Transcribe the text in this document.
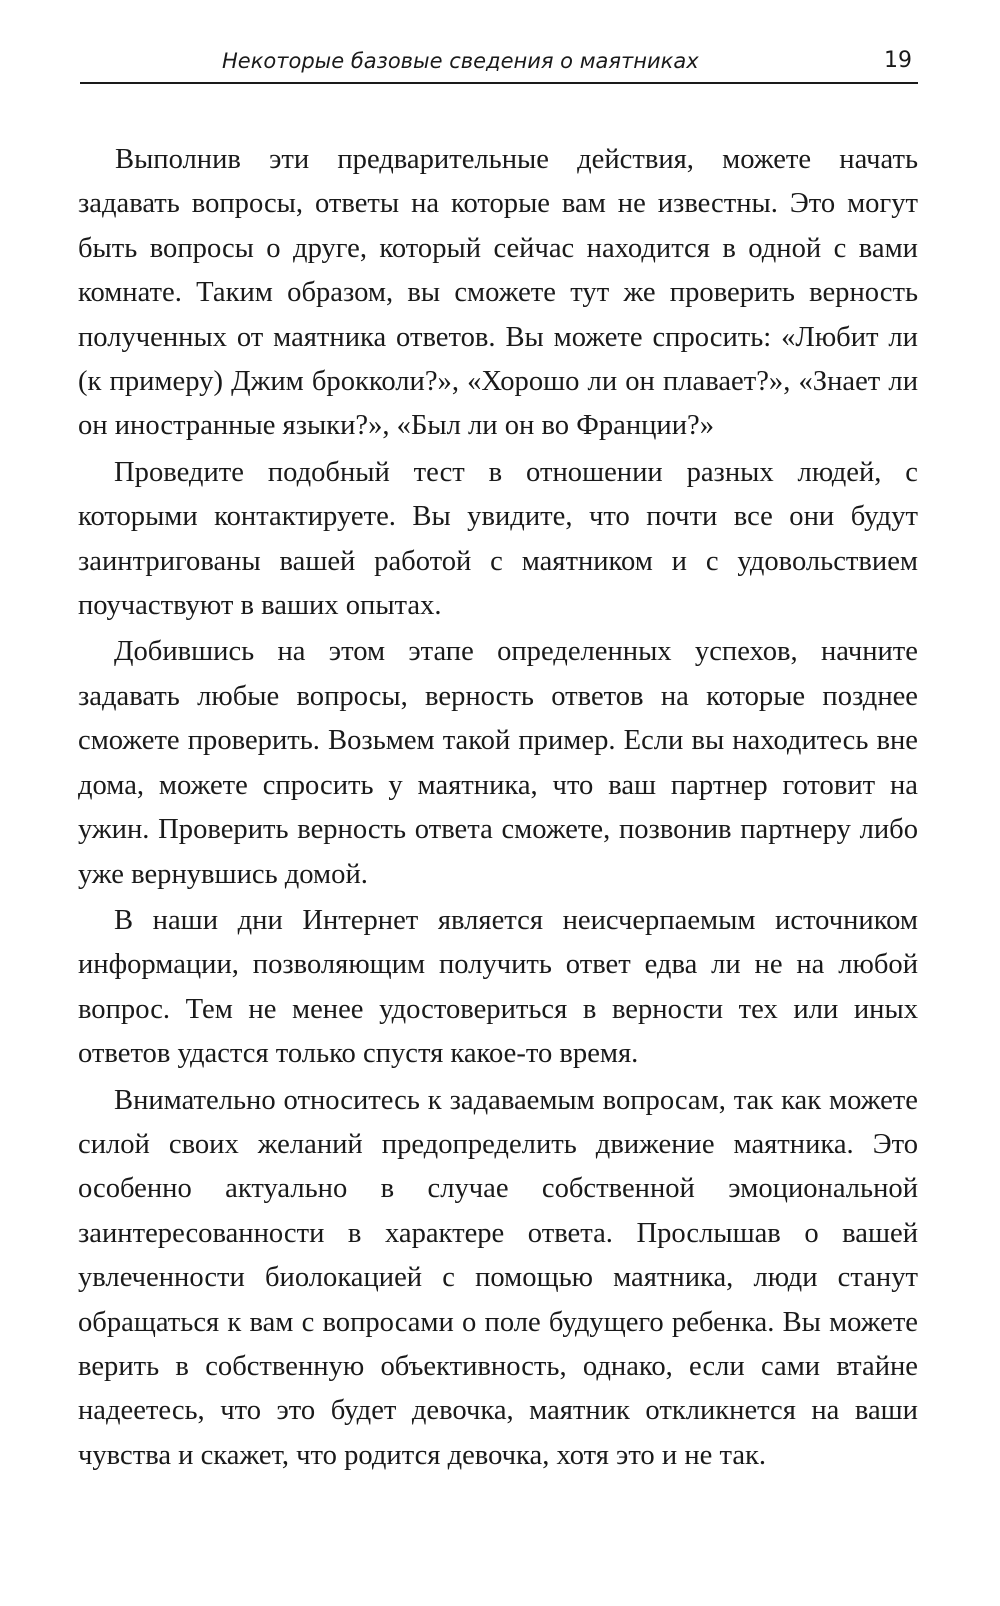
Некоторые базовые сведения о маятниках	19

Выполнив эти предварительные действия, можете начать задавать вопросы, ответы на которые вам не известны. Это могут быть вопросы о друге, который сейчас находится в одной с вами комнате. Таким образом, вы сможете тут же проверить верность полученных от маятника ответов. Вы можете спросить: «Любит ли (к примеру) Джим брокколи?», «Хорошо ли он плавает?», «Знает ли он иностранные языки?», «Был ли он во Франции?»

Проведите подобный тест в отношении разных людей, с которыми контактируете. Вы увидите, что почти все они будут заинтригованы вашей работой с маятником и с удовольствием поучаствуют в ваших опытах.

Добившись на этом этапе определенных успехов, начните задавать любые вопросы, верность ответов на которые позднее сможете проверить. Возьмем такой пример. Если вы находитесь вне дома, можете спросить у маятника, что ваш партнер готовит на ужин. Проверить верность ответа сможете, позвонив партнеру либо уже вернувшись домой.

В наши дни Интернет является неисчерпаемым источником информации, позволяющим получить ответ едва ли не на любой вопрос. Тем не менее удостовериться в верности тех или иных ответов удастся только спустя какое-то время.

Внимательно относитесь к задаваемым вопросам, так как можете силой своих желаний предопределить движение маятника. Это особенно актуально в случае собственной эмоциональной заинтересованности в характере ответа. Прослышав о вашей увлеченности биолокацией с помощью маятника, люди станут обращаться к вам с вопросами о поле будущего ребенка. Вы можете верить в собственную объективность, однако, если сами втайне надеетесь, что это будет девочка, маятник откликнется на ваши чувства и скажет, что родится девочка, хотя это и не так.
